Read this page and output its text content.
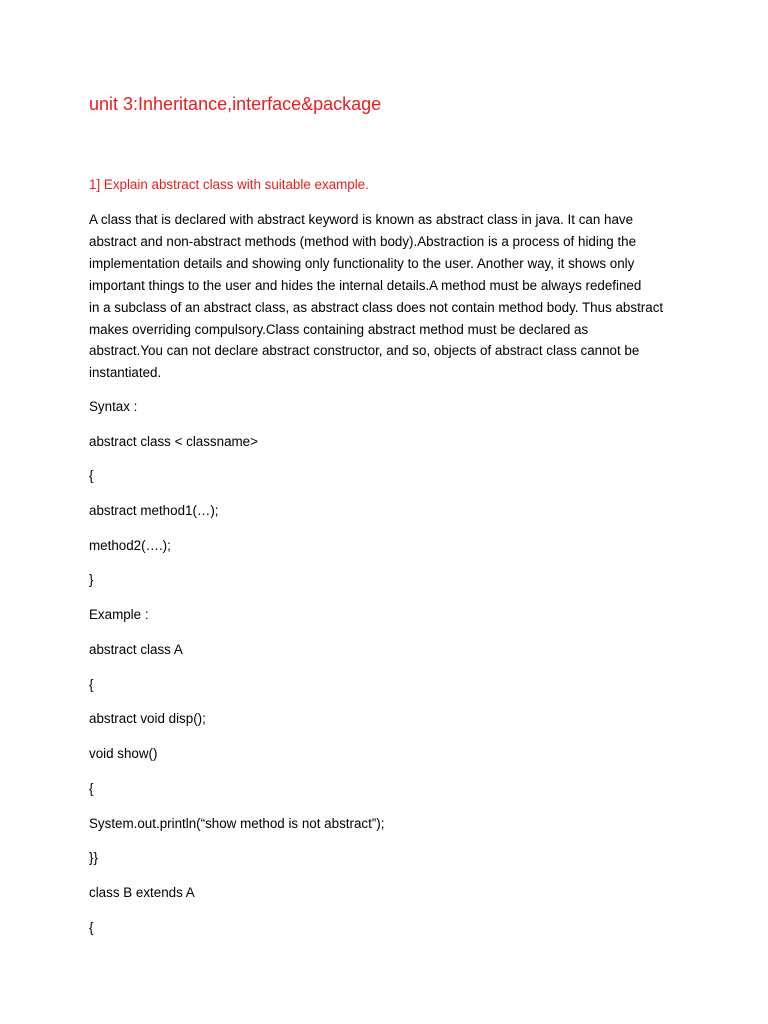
unit 3:Inheritance,interface&package
1] Explain abstract class with suitable example.
A class that is declared with abstract keyword is known as abstract class in java. It can have
abstract and non-abstract methods (method with body).Abstraction is a process of hiding the
implementation details and showing only functionality to the user. Another way, it shows only
important things to the user and hides the internal details.A method must be always redefined
in a subclass of an abstract class, as abstract class does not contain method body. Thus abstract
makes overriding compulsory.Class containing abstract method must be declared as
abstract.You can not declare abstract constructor, and so, objects of abstract class cannot be
instantiated.
Syntax :
abstract class < classname>
{
abstract method1(…);
method2(….);
}
Example :
abstract class A
{
abstract void disp();
void show()
{
System.out.println(“show method is not abstract”);
}}
class B extends A
{
